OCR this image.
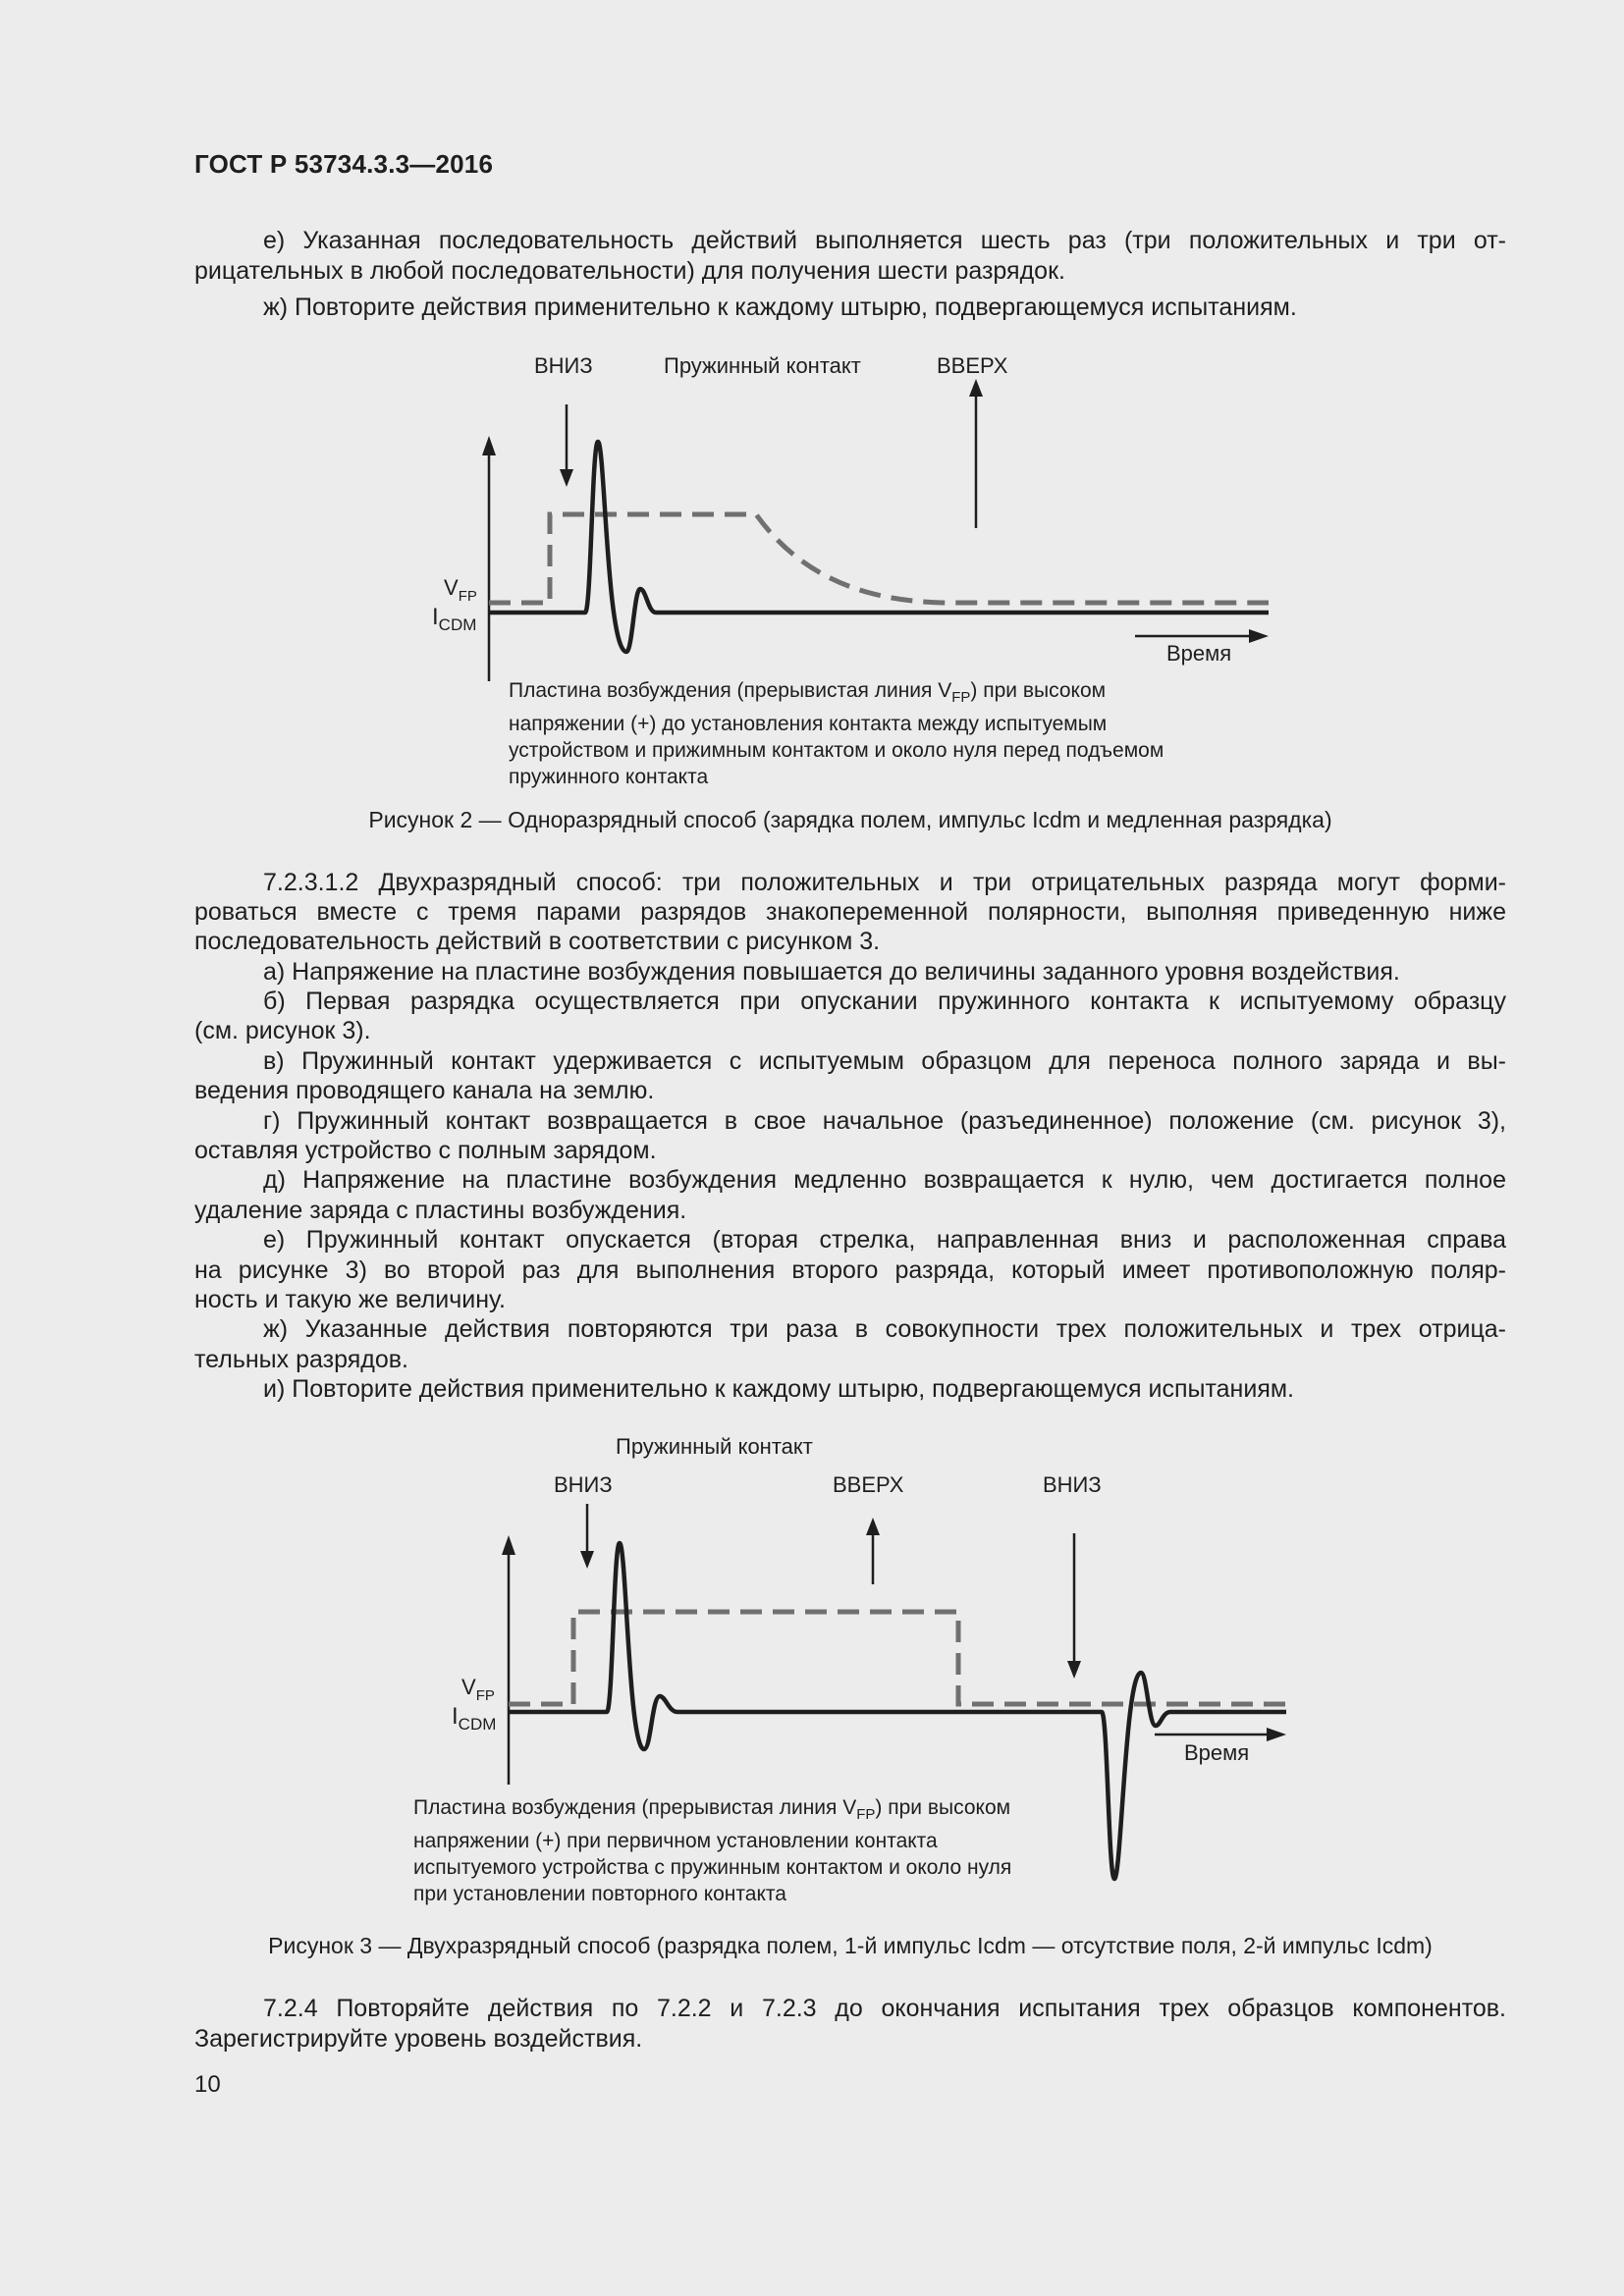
ГОСТ Р 53734.3.3—2016
е) Указанная последовательность действий выполняется шесть раз (три положительных и три от-
рицательных в любой последовательности) для получения шести разрядок.
ж) Повторите действия применительно к каждому штырю, подвергающемуся испытаниям.
ВНИЗ	Пружинный контакт	ВВЕРХ
Время
$V_{FP}$
$I_{CDM}$
Пластина возбуждения (прерывистая линия $V_{FP}$) при высоком
напряжении (+) до установления контакта между испытуемым
устройством и прижимным контактом и около нуля перед подъемом
пружинного контакта
Рисунок 2 — Одноразрядный способ (зарядка полем, импульс Icdm и медленная разрядка)
7.2.3.1.2 Двухразрядный способ: три положительных и три отрицательных разряда могут форми-
роваться вместе с тремя парами разрядов знакопеременной полярности, выполняя приведенную ниже
последовательность действий в соответствии с рисунком 3.
а) Напряжение на пластине возбуждения повышается до величины заданного уровня воздействия.
б) Первая разрядка осуществляется при опускании пружинного контакта к испытуемому образцу
(см. рисунок 3).
в) Пружинный контакт удерживается с испытуемым образцом для переноса полного заряда и вы-
ведения проводящего канала на землю.
г) Пружинный контакт возвращается в свое начальное (разъединенное) положение (см. рисунок 3),
оставляя устройство с полным зарядом.
д) Напряжение на пластине возбуждения медленно возвращается к нулю, чем достигается полное
удаление заряда с пластины возбуждения.
е) Пружинный контакт опускается (вторая стрелка, направленная вниз и расположенная справа
на рисунке 3) во второй раз для выполнения второго разряда, который имеет противоположную поляр-
ность и такую же величину.
ж) Указанные действия повторяются три раза в совокупности трех положительных и трех отрица-
тельных разрядов.
и) Повторите действия применительно к каждому штырю, подвергающемуся испытаниям.
Пружинный контакт
ВНИЗ	ВВЕРХ	ВНИЗ
Время
$V_{FP}$
$I_{CDM}$
Пластина возбуждения (прерывистая линия $V_{FP}$) при высоком
напряжении (+) при первичном установлении контакта
испытуемого устройства с пружинным контактом и около нуля
при установлении повторного контакта
Рисунок 3 — Двухразрядный способ (разрядка полем, 1-й импульс Icdm — отсутствие поля, 2-й импульс Icdm)
7.2.4 Повторяйте действия по 7.2.2 и 7.2.3 до окончания испытания трех образцов компонентов.
Зарегистрируйте уровень воздействия.
10
